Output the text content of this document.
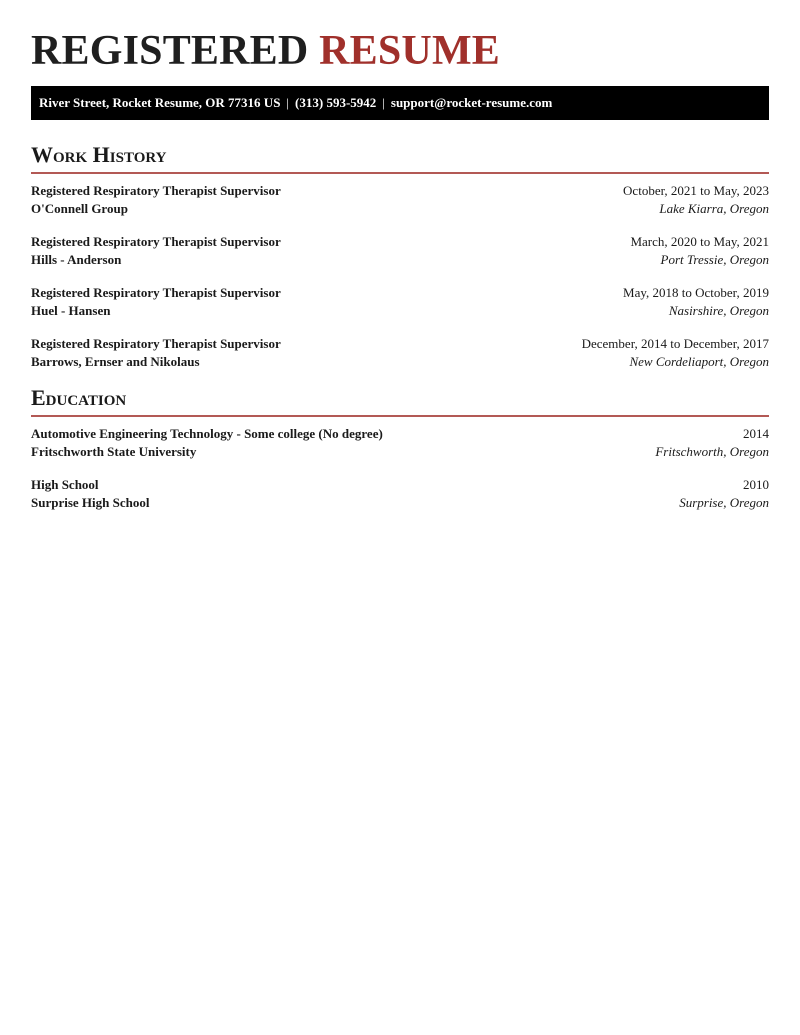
REGISTERED RESUME
River Street, Rocket Resume, OR 77316 US | (313) 593-5942 | support@rocket-resume.com
Work History
Registered Respiratory Therapist Supervisor	October, 2021 to May, 2023
O'Connell Group	Lake Kiarra, Oregon
Registered Respiratory Therapist Supervisor	March, 2020 to May, 2021
Hills - Anderson	Port Tressie, Oregon
Registered Respiratory Therapist Supervisor	May, 2018 to October, 2019
Huel - Hansen	Nasirshire, Oregon
Registered Respiratory Therapist Supervisor	December, 2014 to December, 2017
Barrows, Ernser and Nikolaus	New Cordeliaport, Oregon
Education
Automotive Engineering Technology - Some college (No degree)	2014
Fritschworth State University	Fritschworth, Oregon
High School	2010
Surprise High School	Surprise, Oregon
